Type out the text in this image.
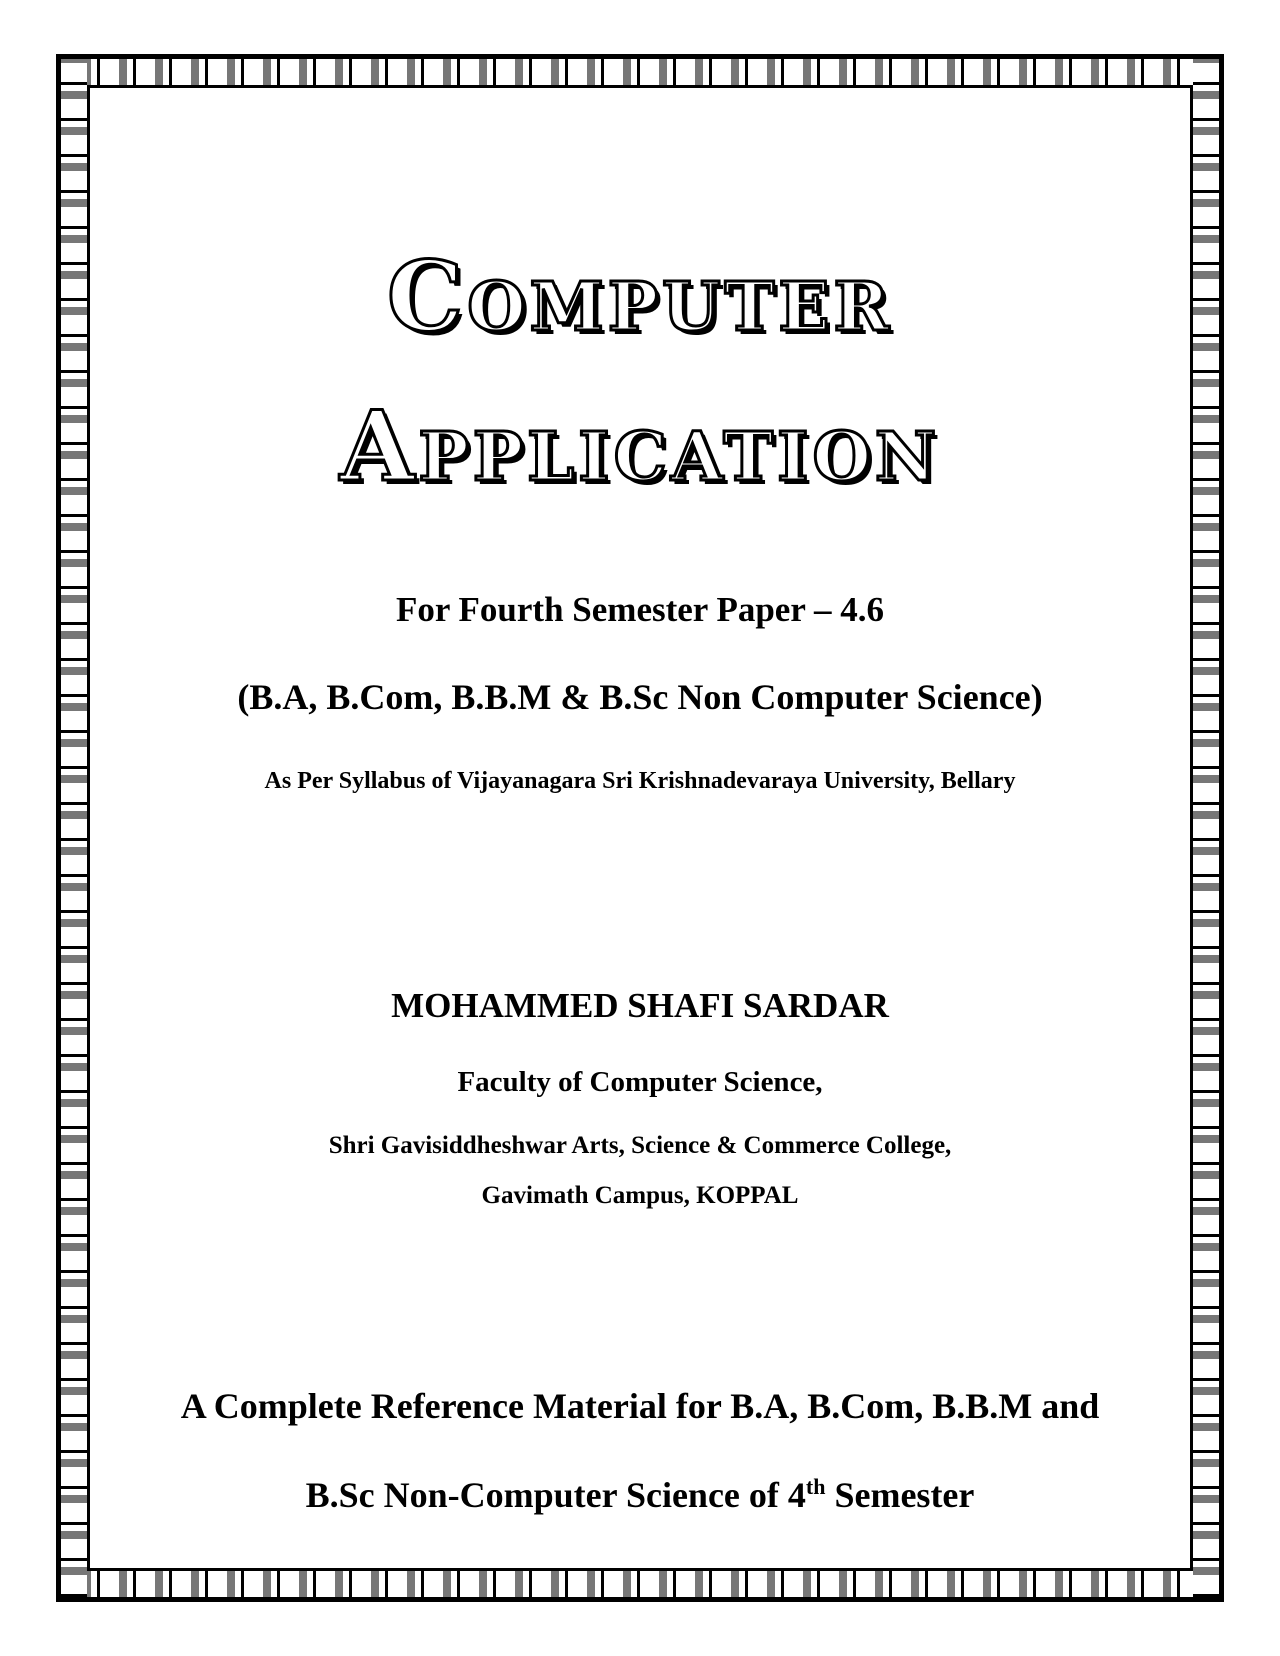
Computer
Application
For Fourth Semester Paper – 4.6
(B.A, B.Com, B.B.M & B.Sc Non Computer Science)
As Per Syllabus of Vijayanagara Sri Krishnadevaraya University, Bellary
MOHAMMED SHAFI SARDAR
Faculty of Computer Science,
Shri Gavisiddheshwar Arts, Science & Commerce College,
Gavimath Campus, KOPPAL
A Complete Reference Material for B.A, B.Com, B.B.M and
B.Sc Non-Computer Science of 4th Semester
